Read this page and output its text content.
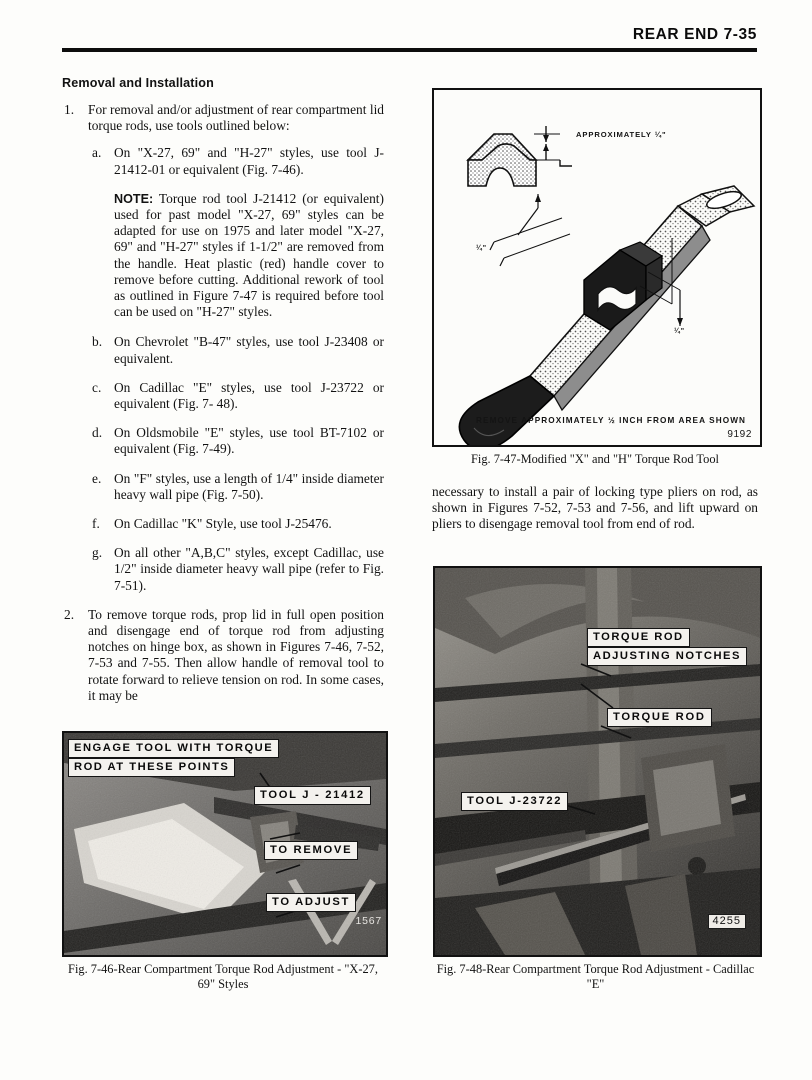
REAR END 7-35
Removal and Installation
1.	For removal and/or adjustment of rear compartment lid torque rods, use tools outlined below:

a. On "X-27, 69" and "H-27" styles, use tool J-21412-01 or equivalent (Fig. 7-46).

NOTE: Torque rod tool J-21412 (or equivalent) used for past model "X-27, 69" styles can be adapted for use on 1975 and later model "X-27, 69" and "H-27" styles if 1-1/2" are removed from the handle. Heat plastic (red) handle cover to remove before cutting. Additional rework of tool as outlined in Figure 7-47 is required before tool can be used on "H-27" styles.

b. On Chevrolet "B-47" styles, use tool J-23408 or equivalent.

c. On Cadillac "E" styles, use tool J-23722 or equivalent (Fig. 7- 48).

d. On Oldsmobile "E" styles, use tool BT-7102 or equivalent (Fig. 7-49).

e. On "F" styles, use a length of 1/4" inside diameter heavy wall pipe (Fig. 7-50).

f.	On Cadillac "K" Style, use tool J-25476.

g. On all other "A,B,C" styles, except Cadillac, use 1/2" inside diameter heavy wall pipe (refer to Fig. 7-51).

2.	To remove torque rods, prop lid in full open position and disengage end of torque rod from adjusting notches on hinge box, as shown in Figures 7-46, 7-52, 7-53 and 7-55. Then allow handle of removal tool to rotate forward to relieve tension on rod. In some cases, it may be

APPROXIMATELY ¼"
¼"
¼"
REMOVE APPROXIMATELY ½ INCH FROM AREA SHOWN
9192
Fig. 7-47-Modified "X" and "H" Torque Rod Tool

necessary to install a pair of locking type pliers on rod, as shown in Figures 7-52, 7-53 and 7-56, and lift upward on pliers to disengage removal tool from end of rod.

ENGAGE TOOL WITH TORQUE
ROD AT THESE POINTS
TOOL J - 21412
TO REMOVE
TO ADJUST
1567
Fig. 7-46-Rear Compartment Torque Rod Adjustment - "X-27, 69" Styles
TORQUE ROD
ADJUSTING NOTCHES
TORQUE ROD
TOOL J-23722
4255
Fig. 7-48-Rear Compartment Torque Rod Adjustment - Cadillac "E"
